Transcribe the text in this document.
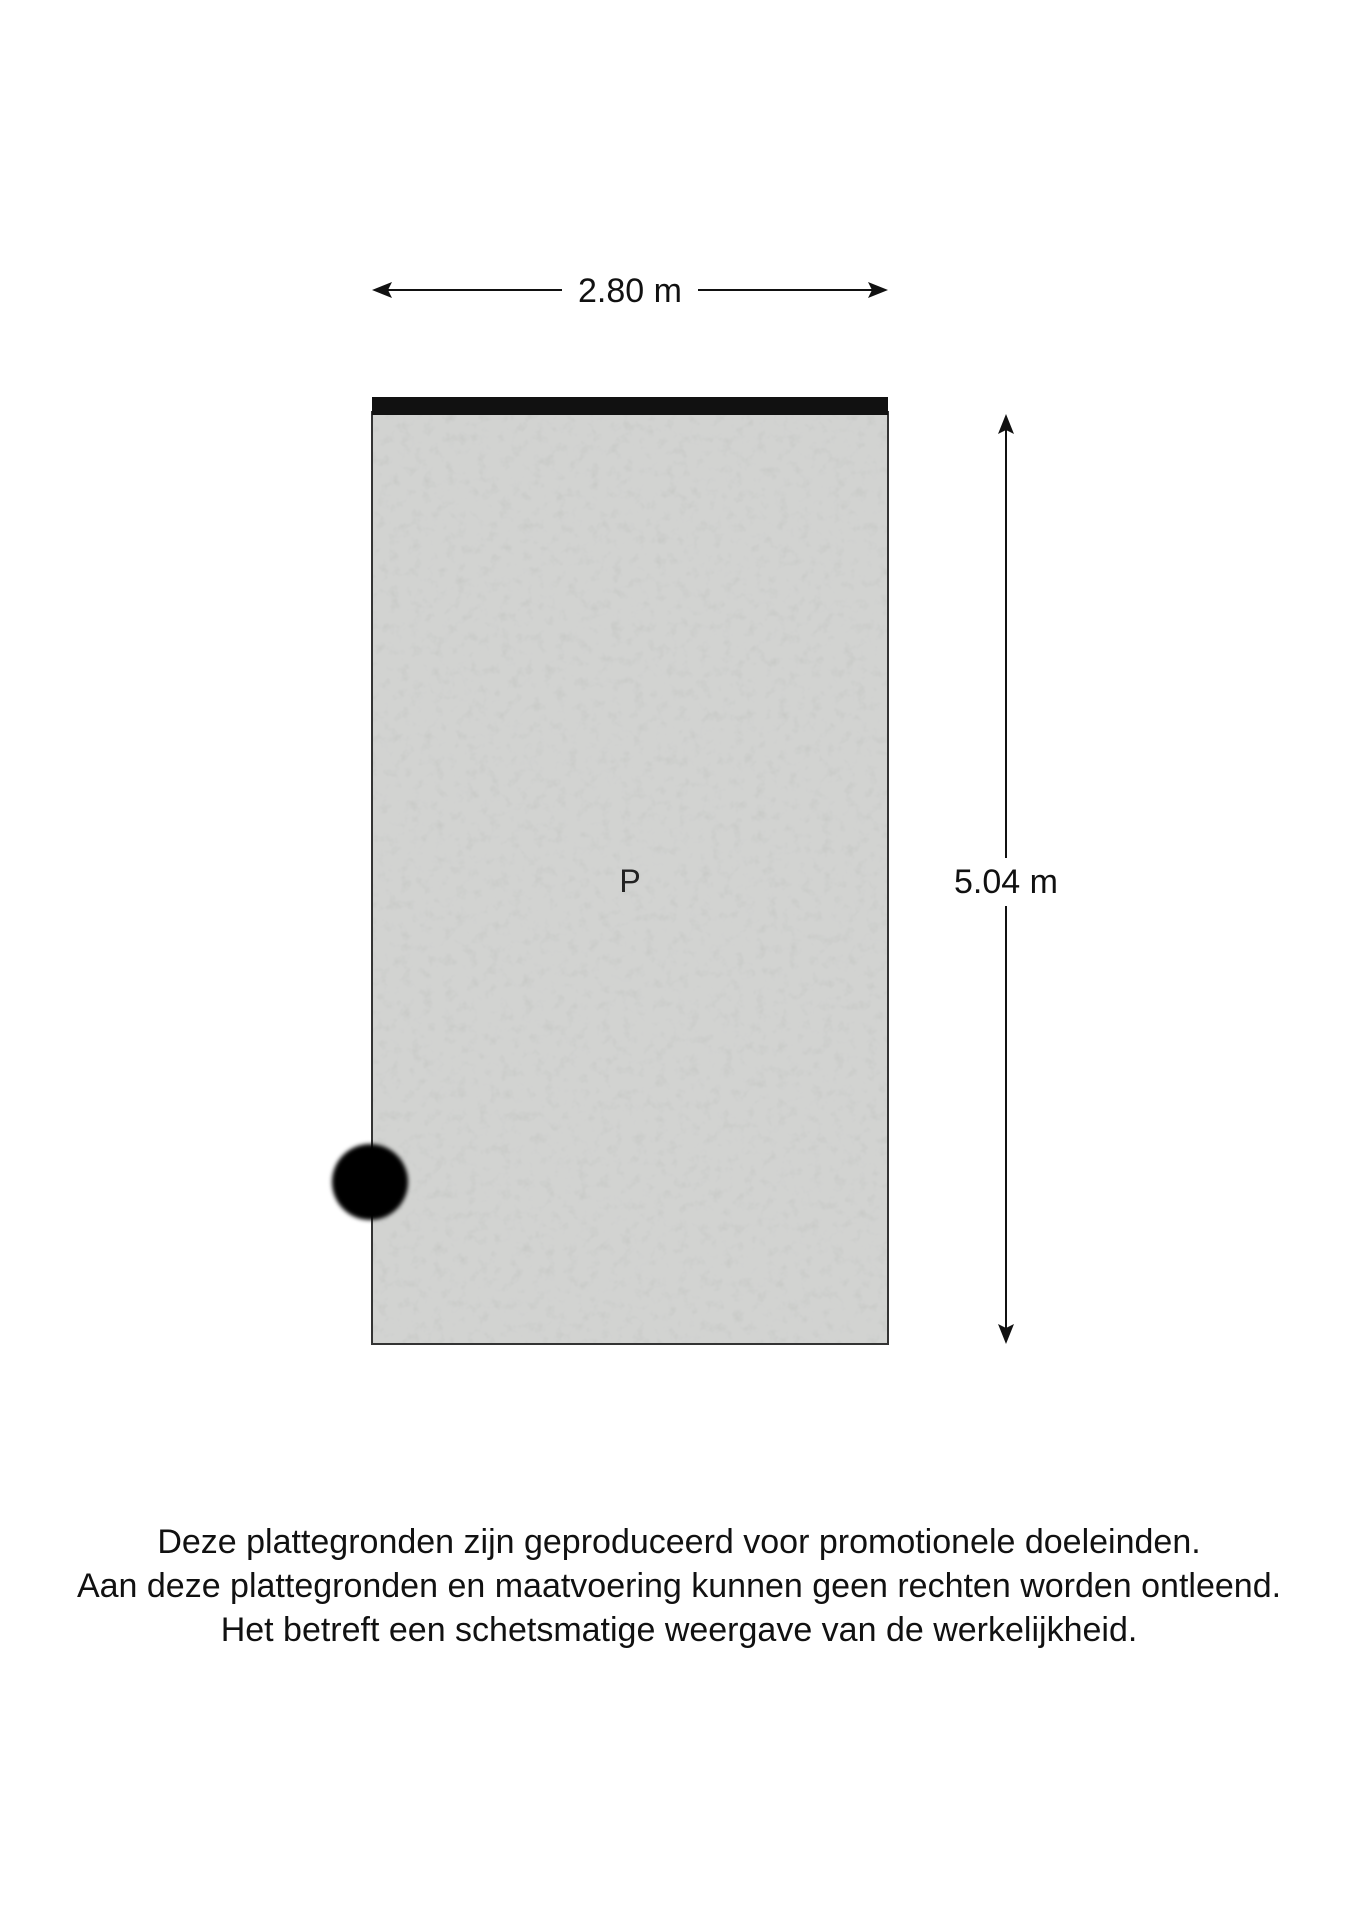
2.80 m
P	5.04 m
Deze plattegronden zijn geproduceerd voor promotionele doeleinden.
Aan deze plattegronden en maatvoering kunnen geen rechten worden ontleend.
Het betreft een schetsmatige weergave van de werkelijkheid.
